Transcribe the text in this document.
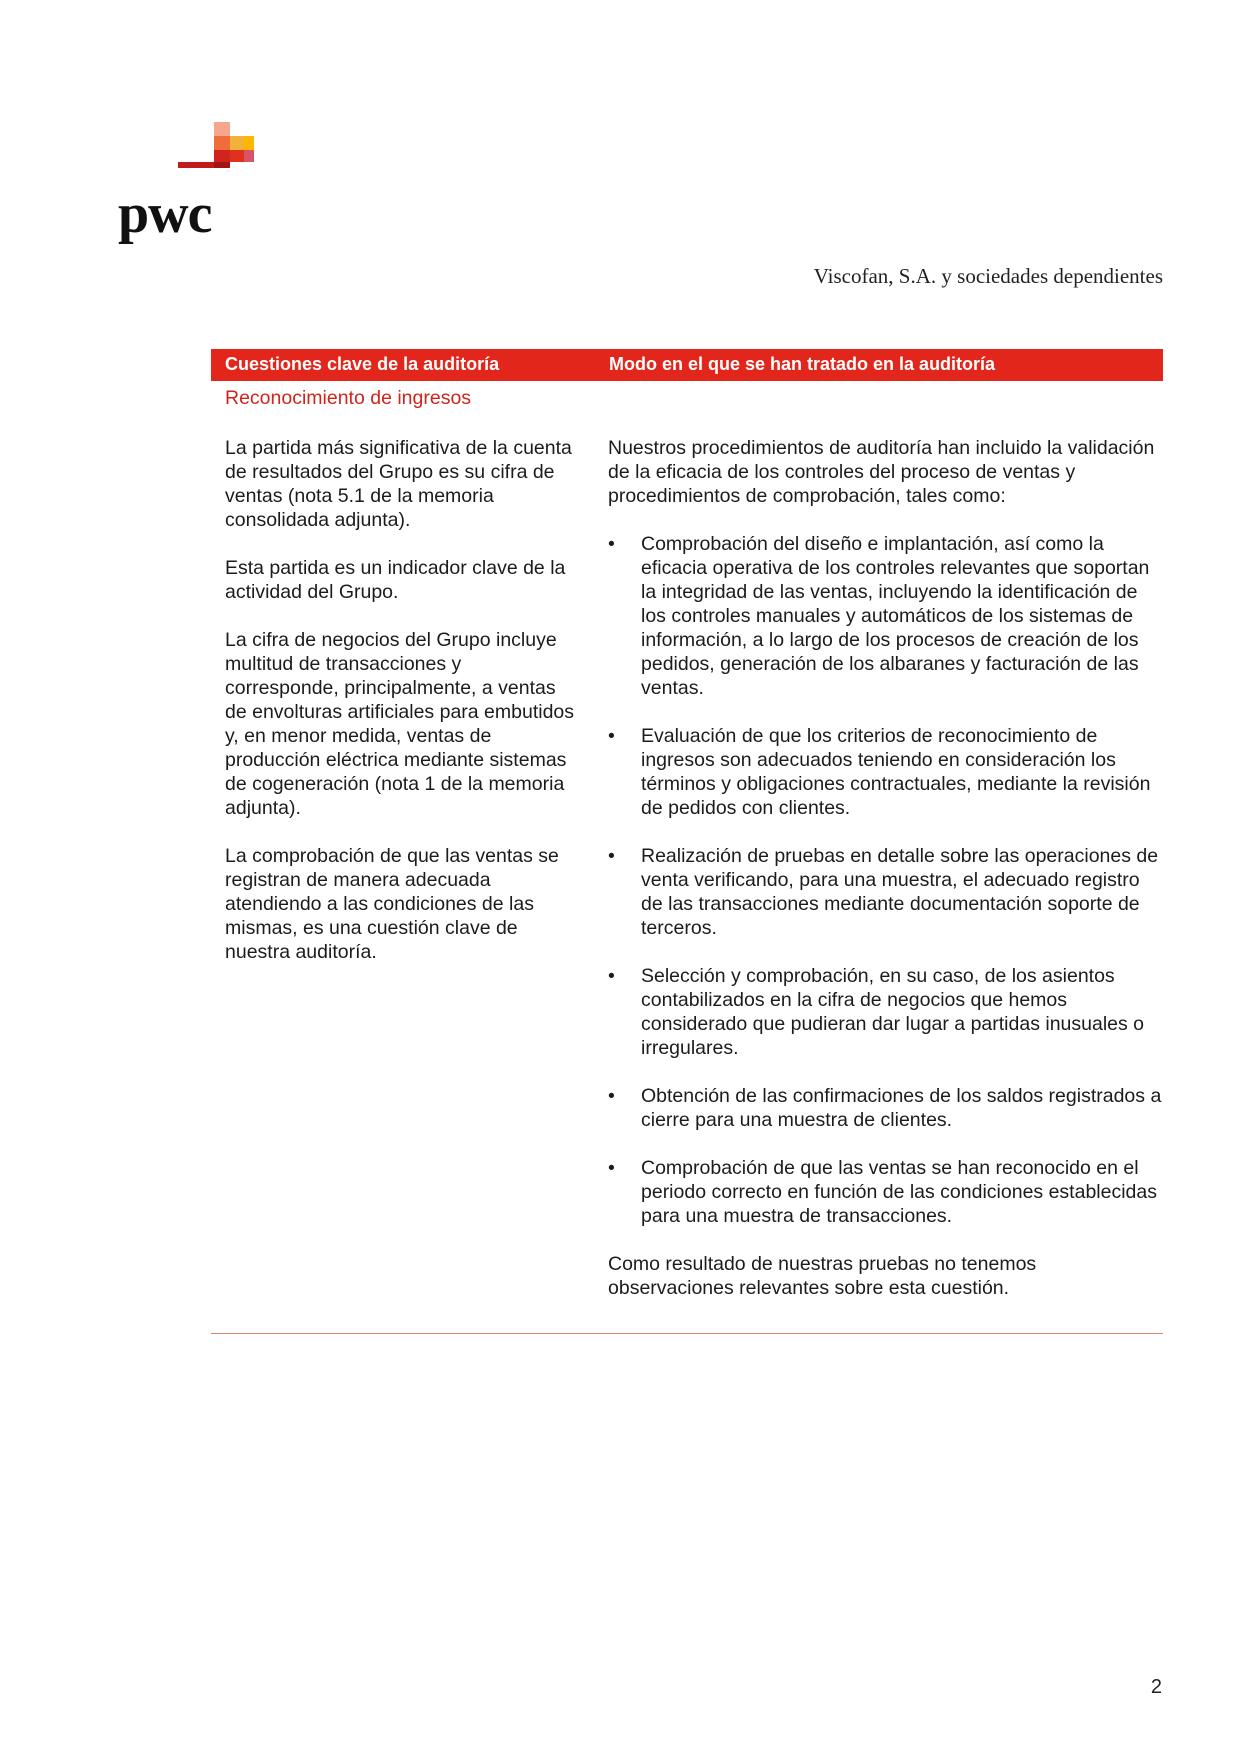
pwc
Viscofan, S.A. y sociedades dependientes
Cuestiones clave de la auditoría	Modo en el que se han tratado en la auditoría
Reconocimiento de ingresos

La partida más significativa de la cuenta de resultados del Grupo es su cifra de ventas (nota 5.1 de la memoria consolidada adjunta).

Esta partida es un indicador clave de la actividad del Grupo.

La cifra de negocios del Grupo incluye multitud de transacciones y corresponde, principalmente, a ventas de envolturas artificiales para embutidos y, en menor medida, ventas de producción eléctrica mediante sistemas de cogeneración (nota 1 de la memoria adjunta).

La comprobación de que las ventas se registran de manera adecuada atendiendo a las condiciones de las mismas, es una cuestión clave de nuestra auditoría.

Nuestros procedimientos de auditoría han incluido la validación de la eficacia de los controles del proceso de ventas y procedimientos de comprobación, tales como:

• Comprobación del diseño e implantación, así como la eficacia operativa de los controles relevantes que soportan la integridad de las ventas, incluyendo la identificación de los controles manuales y automáticos de los sistemas de información, a lo largo de los procesos de creación de los pedidos, generación de los albaranes y facturación de las ventas.
• Evaluación de que los criterios de reconocimiento de ingresos son adecuados teniendo en consideración los términos y obligaciones contractuales, mediante la revisión de pedidos con clientes.
• Realización de pruebas en detalle sobre las operaciones de venta verificando, para una muestra, el adecuado registro de las transacciones mediante documentación soporte de terceros.
• Selección y comprobación, en su caso, de los asientos contabilizados en la cifra de negocios que hemos considerado que pudieran dar lugar a partidas inusuales o irregulares.
• Obtención de las confirmaciones de los saldos registrados a cierre para una muestra de clientes.
• Comprobación de que las ventas se han reconocido en el periodo correcto en función de las condiciones establecidas para una muestra de transacciones.

Como resultado de nuestras pruebas no tenemos observaciones relevantes sobre esta cuestión.

2
